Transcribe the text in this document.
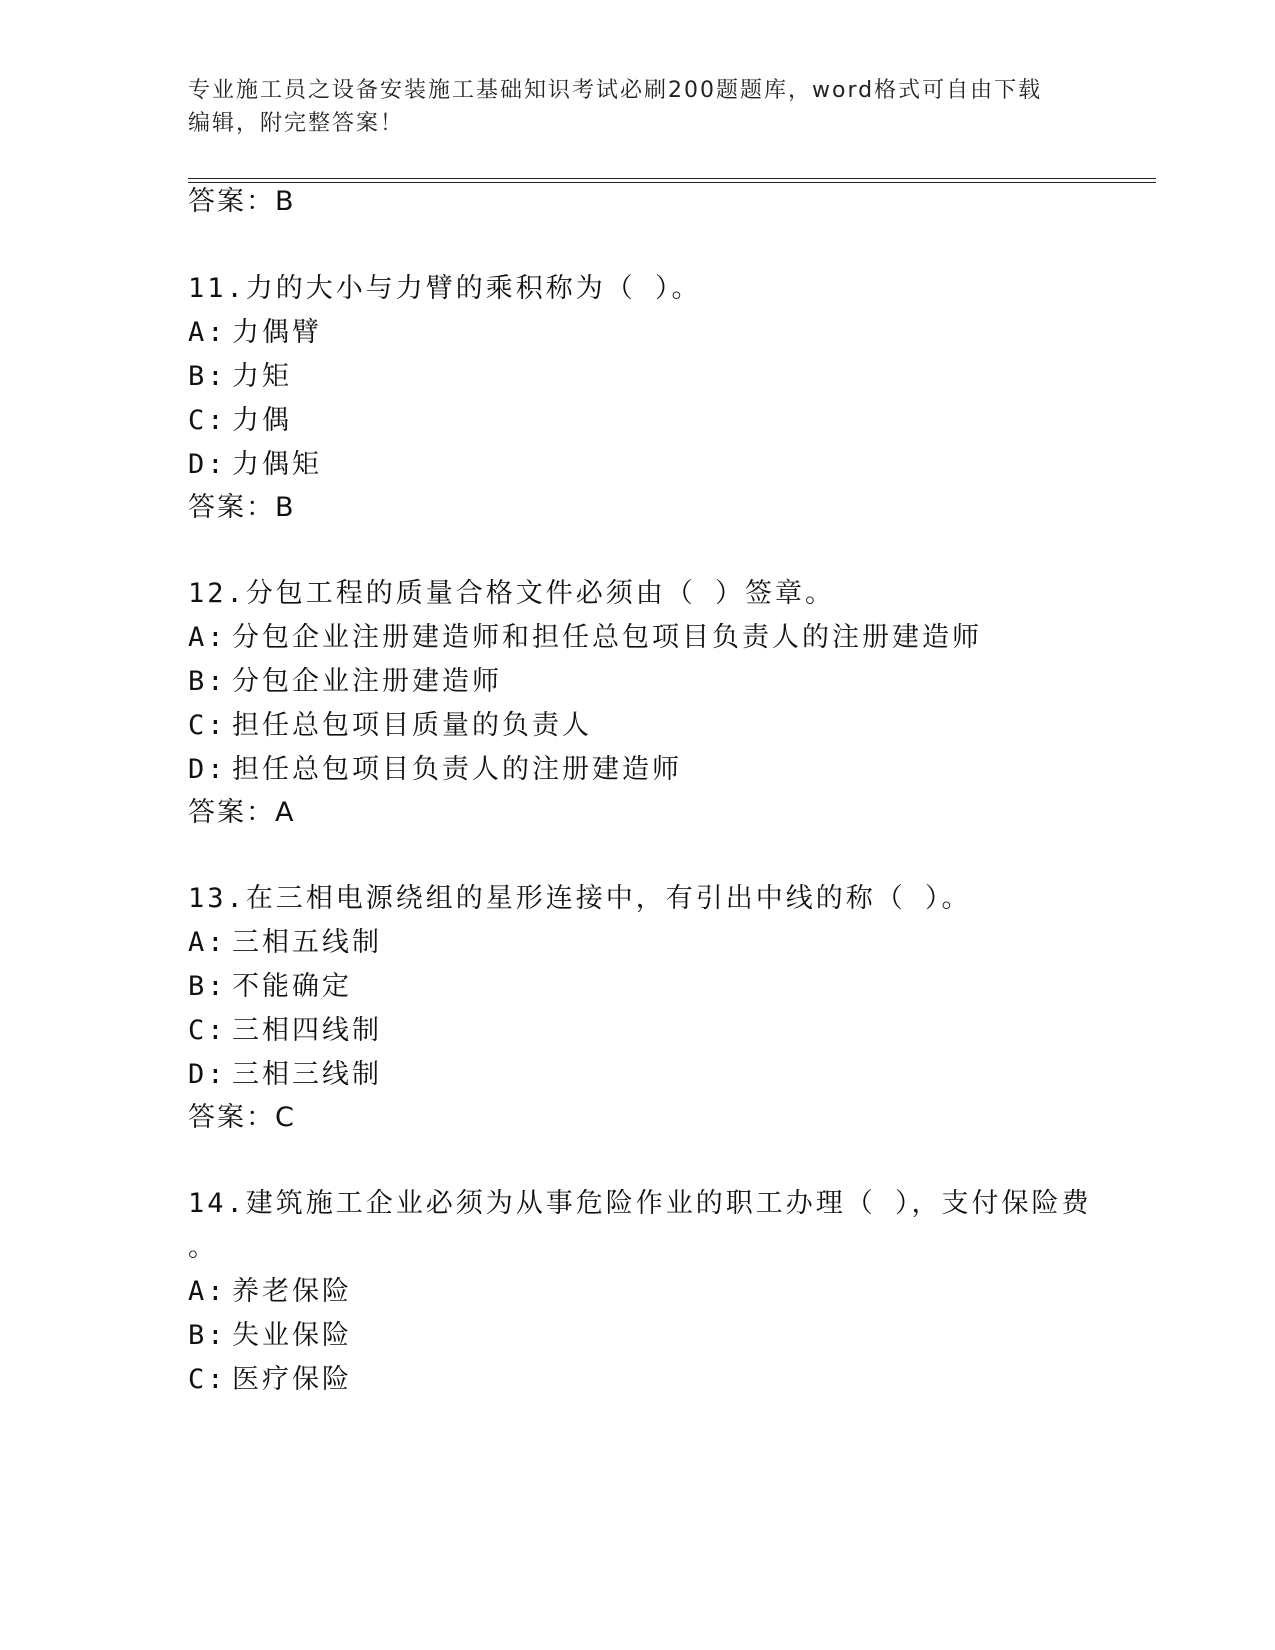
专业施工员之设备安装施工基础知识考试必刷200题题库，word格式可自由下载
编辑，附完整答案！
答案：B
11.力的大小与力臂的乘积称为（ ）。
A: 力偶臂
B: 力矩
C: 力偶
D: 力偶矩
答案：B
12.分包工程的质量合格文件必须由（ ）签章。
A: 分包企业注册建造师和担任总包项目负责人的注册建造师
B: 分包企业注册建造师
C: 担任总包项目质量的负责人
D: 担任总包项目负责人的注册建造师
答案：A
13.在三相电源绕组的星形连接中，有引出中线的称（ ）。
A: 三相五线制
B: 不能确定
C: 三相四线制
D: 三相三线制
答案：C
14.建筑施工企业必须为从事危险作业的职工办理（ ），支付保险费
。
A: 养老保险
B: 失业保险
C: 医疗保险
